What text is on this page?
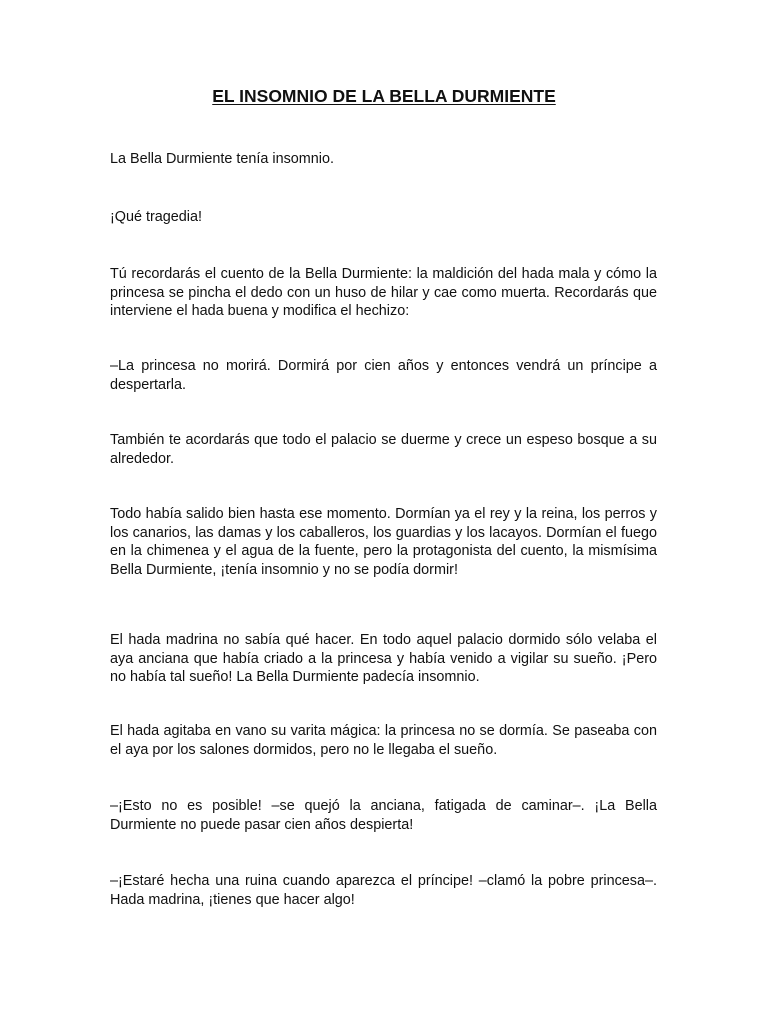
EL INSOMNIO DE LA BELLA DURMIENTE

La Bella Durmiente tenía insomnio.

¡Qué tragedia!

Tú recordarás el cuento de la Bella Durmiente: la maldición del hada mala y cómo la princesa se pincha el dedo con un huso de hilar y cae como muerta. Recordarás que interviene el hada buena y modifica el hechizo:

–La princesa no morirá. Dormirá por cien años y entonces vendrá un príncipe a despertarla.

También te acordarás que todo el palacio se duerme y crece un espeso bosque a su alrededor.

Todo había salido bien hasta ese momento. Dormían ya el rey y la reina, los perros y los canarios, las damas y los caballeros, los guardias y los lacayos. Dormían el fuego en la chimenea y el agua de la fuente, pero la protagonista del cuento, la mismísima Bella Durmiente, ¡tenía insomnio y no se podía dormir!

El hada madrina no sabía qué hacer. En todo aquel palacio dormido sólo velaba el aya anciana que había criado a la princesa y había venido a vigilar su sueño. ¡Pero no había tal sueño! La Bella Durmiente padecía insomnio.

El hada agitaba en vano su varita mágica: la princesa no se dormía. Se paseaba con el aya por los salones dormidos, pero no le llegaba el sueño.

–¡Esto no es posible! –se quejó la anciana, fatigada de caminar–. ¡La Bella Durmiente no puede pasar cien años despierta!

–¡Estaré hecha una ruina cuando aparezca el príncipe! –clamó la pobre princesa–. Hada madrina, ¡tienes que hacer algo!
